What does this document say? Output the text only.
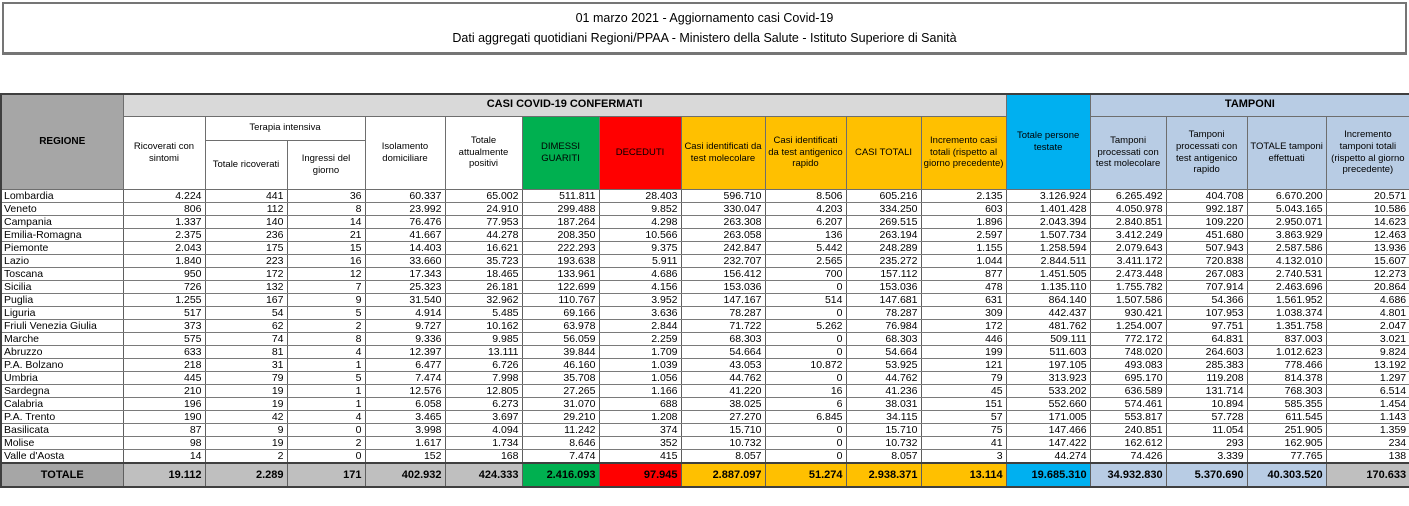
01 marzo 2021 - Aggiornamento casi Covid-19
Dati aggregati quotidiani Regioni/PPAA - Ministero della Salute - Istituto Superiore di Sanità
REGIONE	CASI COVID-19 CONFERMATI											Totale persone testate	TAMPONI			
	Ricoverati con sintomi	Terapia intensiva		Isolamento domiciliare	Totale attualmente positivi	DIMESSI GUARITI	DECEDUTI	Casi identificati da test molecolare	Casi identificati da test antigenico rapido	CASI TOTALI	Incremento casi totali (rispetto al giorno precedente)		Tamponi processati con test molecolare	Tamponi processati con test antigenico rapido	TOTALE tamponi effettuati	Incremento tamponi totali (rispetto al giorno precedente)
		Totale ricoverati	Ingressi del giorno													
Lombardia	4.224	441	36	60.337	65.002	511.811	28.403	596.710	8.506	605.216	2.135	3.126.924	6.265.492	404.708	6.670.200	20.571
Veneto	806	112	8	23.992	24.910	299.488	9.852	330.047	4.203	334.250	603	1.401.428	4.050.978	992.187	5.043.165	10.586
Campania	1.337	140	14	76.476	77.953	187.264	4.298	263.308	6.207	269.515	1.896	2.043.394	2.840.851	109.220	2.950.071	14.623
Emilia-Romagna	2.375	236	21	41.667	44.278	208.350	10.566	263.058	136	263.194	2.597	1.507.734	3.412.249	451.680	3.863.929	12.463
Piemonte	2.043	175	15	14.403	16.621	222.293	9.375	242.847	5.442	248.289	1.155	1.258.594	2.079.643	507.943	2.587.586	13.936
Lazio	1.840	223	16	33.660	35.723	193.638	5.911	232.707	2.565	235.272	1.044	2.844.511	3.411.172	720.838	4.132.010	15.607
Toscana	950	172	12	17.343	18.465	133.961	4.686	156.412	700	157.112	877	1.451.505	2.473.448	267.083	2.740.531	12.273
Sicilia	726	132	7	25.323	26.181	122.699	4.156	153.036	0	153.036	478	1.135.110	1.755.782	707.914	2.463.696	20.864
Puglia	1.255	167	9	31.540	32.962	110.767	3.952	147.167	514	147.681	631	864.140	1.507.586	54.366	1.561.952	4.686
Liguria	517	54	5	4.914	5.485	69.166	3.636	78.287	0	78.287	309	442.437	930.421	107.953	1.038.374	4.801
Friuli Venezia Giulia	373	62	2	9.727	10.162	63.978	2.844	71.722	5.262	76.984	172	481.762	1.254.007	97.751	1.351.758	2.047
Marche	575	74	8	9.336	9.985	56.059	2.259	68.303	0	68.303	446	509.111	772.172	64.831	837.003	3.021
Abruzzo	633	81	4	12.397	13.111	39.844	1.709	54.664	0	54.664	199	511.603	748.020	264.603	1.012.623	9.824
P.A. Bolzano	218	31	1	6.477	6.726	46.160	1.039	43.053	10.872	53.925	121	197.105	493.083	285.383	778.466	13.192
Umbria	445	79	5	7.474	7.998	35.708	1.056	44.762	0	44.762	79	313.923	695.170	119.208	814.378	1.297
Sardegna	210	19	1	12.576	12.805	27.265	1.166	41.220	16	41.236	45	533.202	636.589	131.714	768.303	6.514
Calabria	196	19	1	6.058	6.273	31.070	688	38.025	6	38.031	151	552.660	574.461	10.894	585.355	1.454
P.A. Trento	190	42	4	3.465	3.697	29.210	1.208	27.270	6.845	34.115	57	171.005	553.817	57.728	611.545	1.143
Basilicata	87	9	0	3.998	4.094	11.242	374	15.710	0	15.710	75	147.466	240.851	11.054	251.905	1.359
Molise	98	19	2	1.617	1.734	8.646	352	10.732	0	10.732	41	147.422	162.612	293	162.905	234
Valle d'Aosta	14	2	0	152	168	7.474	415	8.057	0	8.057	3	44.274	74.426	3.339	77.765	138
TOTALE	19.112	2.289	171	402.932	424.333	2.416.093	97.945	2.887.097	51.274	2.938.371	13.114	19.685.310	34.932.830	5.370.690	40.303.520	170.633
